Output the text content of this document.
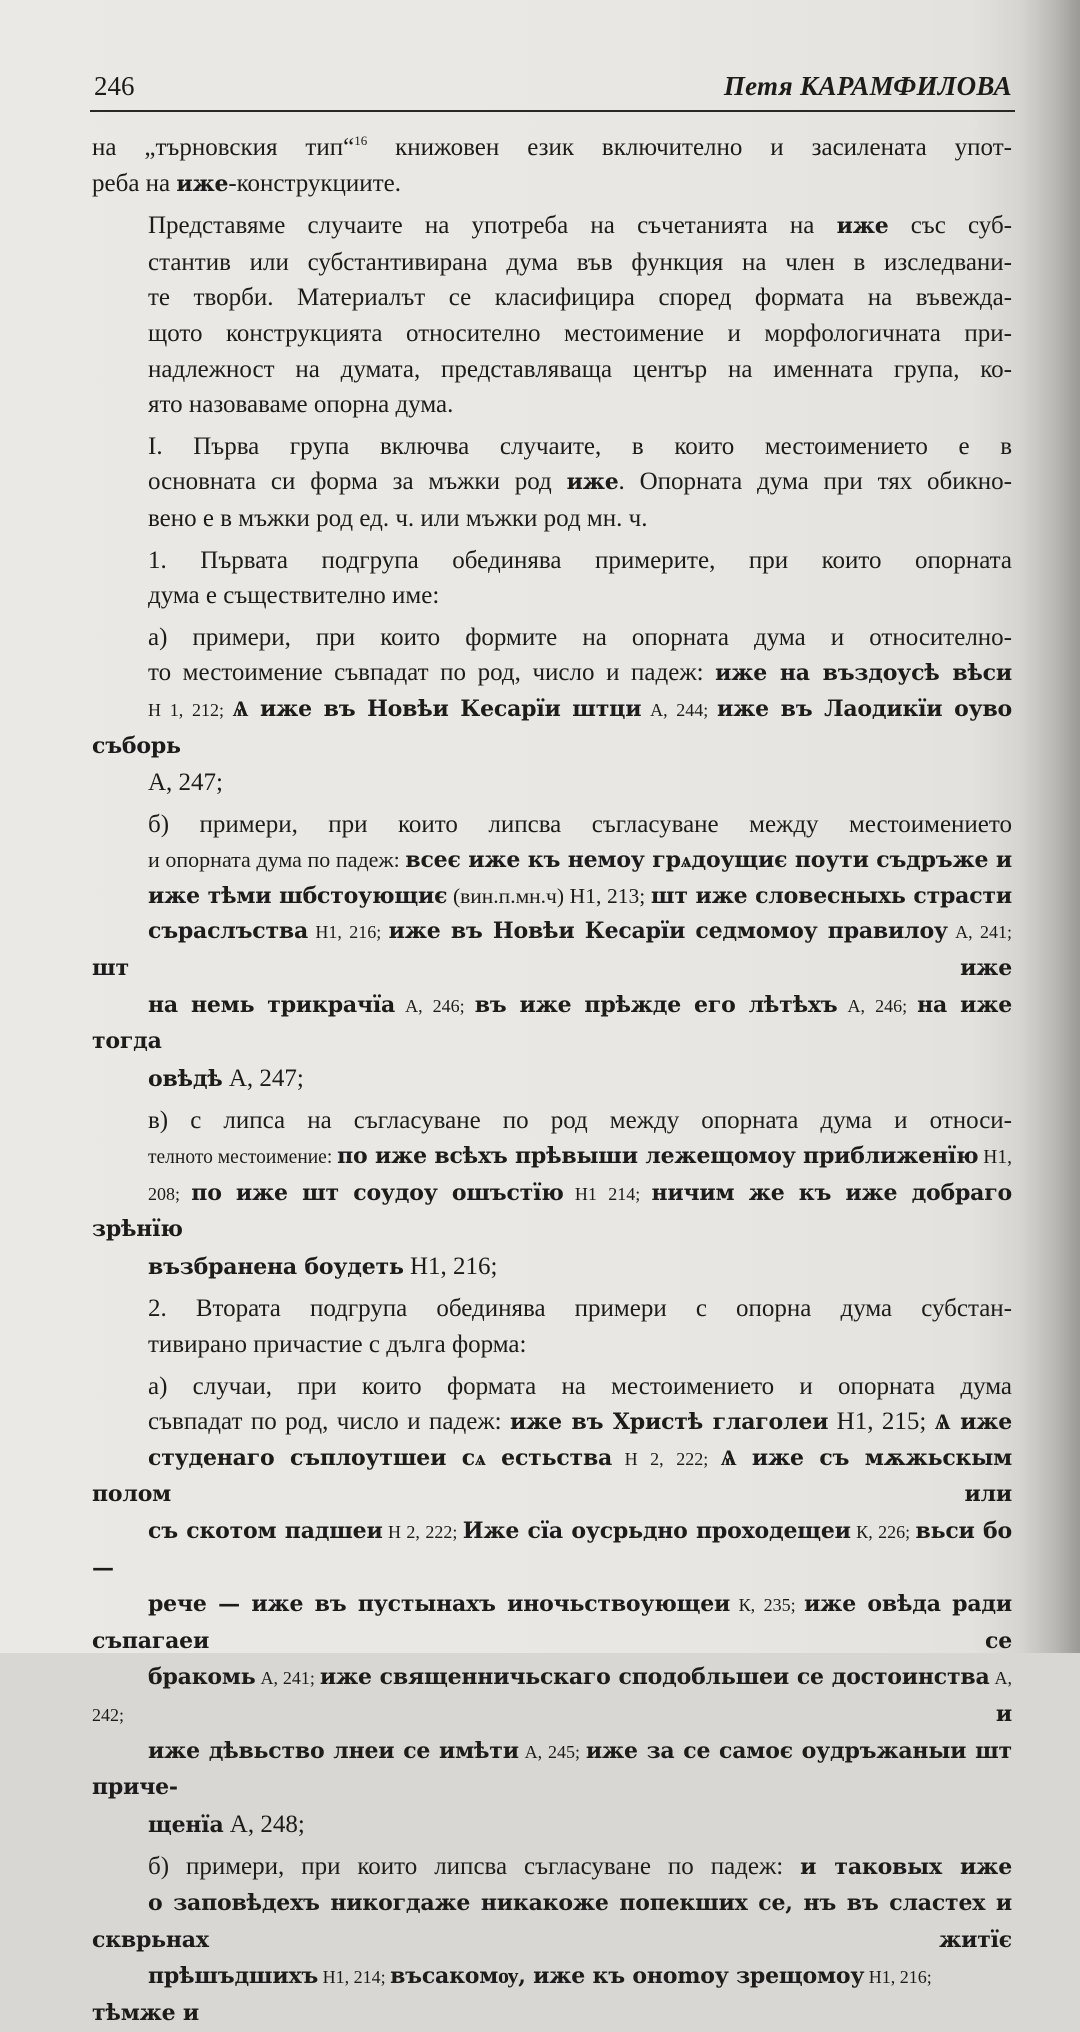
246	Петя КАРАМФИЛОВА

на „търновския тип“$^{16}$ книжовен език включително и засилената упот-
реба на иже-конструкциите.

Представяме случаите на употреба на съчетанията на иже със суб-
стантив или субстантивирана дума във функция на член в изследвани-
те творби. Материалът се класифицира според формата на въвежда-
щото конструкцията относително местоимение и морфологичната при-
надлежност на думата, представляваща център на именната група, ко-
ято назоваваме опорна дума.

I. Първа група включва случаите, в които местоимението е в
основната си форма за мъжки род иже. Опорната дума при тях обикно-
вено е в мъжки род ед. ч. или мъжки род мн. ч.

1. Първата подгрупа обединява примерите, при които опорната
дума е съществително име:

а) примери, при които формите на опорната дума и относително-
то местоимение съвпадат по род, число и падеж: иже на въздоусѣ вѣси
Н 1, 212; Ѧ иже въ Новѣи Кесарїи штци А, 244; иже въ Лаодикїи оуво съборь
А, 247;

б) примери, при които липсва съгласуване между местоимението
и опорната дума по падеж: всеє иже къ немоу грѧдоущиє поути съдръже и
иже тѣми шбстоующиє (вин.п.мн.ч) Н1, 213; шт иже словесныхь страсти
съраслъства Н1, 216; иже въ Новѣи Кесарїи седмомоу правилоу А, 241; шт иже
на немь трикрачїа А, 246; въ иже прѣжде его лѣтѣхъ А, 246; на иже тогда
овѣдѣ А, 247;

в) с липса на съгласуване по род между опорната дума и относи-
телното местоимение: по иже всѣхъ прѣвыши лежещомоу приближенїю Н1,
208; по иже шт соудоу ошъстїю Н1 214; ничим же къ иже добраго зрѣнїю
възбранена боудеть Н1, 216;

2. Втората подгрупа обединява примери с опорна дума субстан-
тивирано причастие с дълга форма:

а) случаи, при които формата на местоимението и опорната дума
съвпадат по род, число и падеж: иже въ Христѣ глаголеи Н1, 215; Ѧ иже
студенаго съплоутшеи сѧ естьства Н 2, 222; Ѧ иже съ мѫжьскым полом или
съ скотом падшеи Н 2, 222; Иже сїа оусрьдно проходещеи К, 226; вьси бо —
рече — иже въ пустынахъ иночьствоующеи К, 235; иже овѣда ради съпагаеи се
бракомь А, 241; иже священничьскаго сподобльшеи се достоинства А, 242; и
иже дѣвьство лнеи се имѣти А, 245; иже за се самоє оудръжаныи шт приче-
щенїа А, 248;

б) примери, при които липсва съгласуване по падеж: и таковых иже
о заповѣдехъ никогдаже никакоже попекших се, нъ въ сластех и скврьнах житїє
прѣшъдшихъ Н1, 214; въсакомѹ, иже къ оноmoу зрещомоу Н1, 216; тѣмже и
